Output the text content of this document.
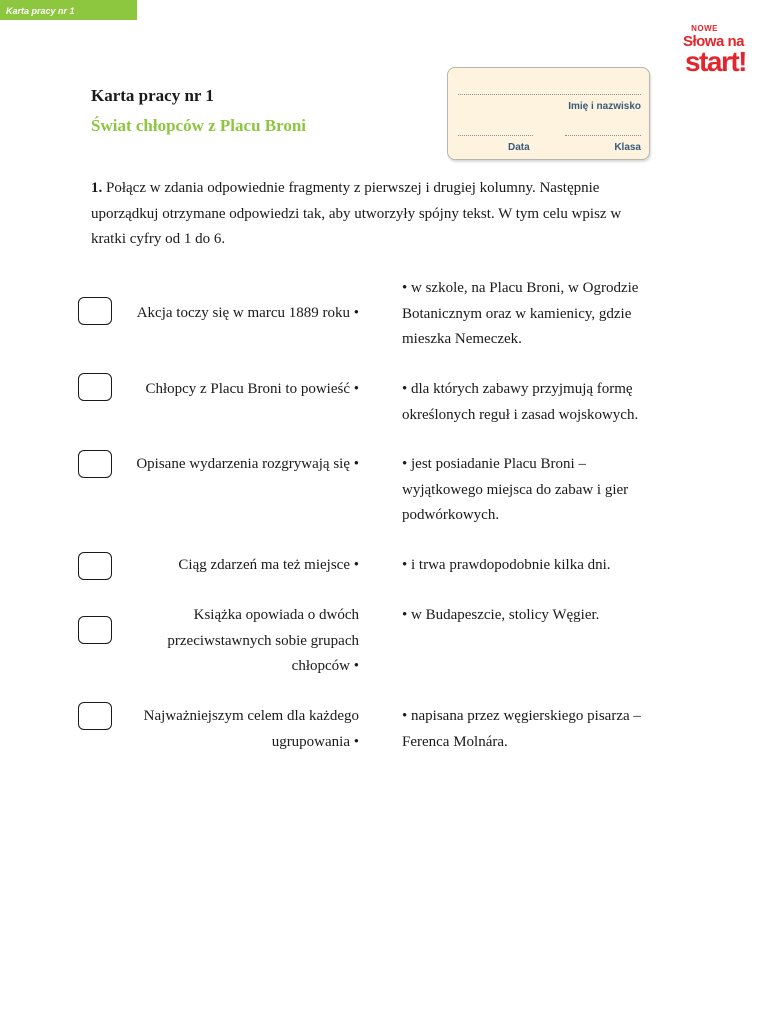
Karta pracy nr 1
NOWE
Słowa na
start!
Karta pracy nr 1
Świat chłopców z Placu Broni
Imię i nazwisko
Data	Klasa
1. Połącz w zdania odpowiednie fragmenty z pierwszej i drugiej kolumny. Następnie uporządkuj otrzymane odpowiedzi tak, aby utworzyły spójny tekst. W tym celu wpisz w kratki cyfry od 1 do 6.
Akcja toczy się w marcu 1889 roku •
• w szkole, na Placu Broni, w Ogrodzie Botanicznym oraz w kamienicy, gdzie mieszka Nemeczek.
Chłopcy z Placu Broni to powieść •	• dla których zabawy przyjmują formę określonych reguł i zasad wojskowych.
Opisane wydarzenia rozgrywają się •	• jest posiadanie Placu Broni – wyjątkowego miejsca do zabaw i gier podwórkowych.
Ciąg zdarzeń ma też miejsce •	• i trwa prawdopodobnie kilka dni.
Książka opowiada o dwóch przeciwstawnych sobie grupach chłopców •
• w Budapeszcie, stolicy Węgier.
Najważniejszym celem dla każdego ugrupowania •
• napisana przez węgierskiego pisarza – Ferenca Molnára.
